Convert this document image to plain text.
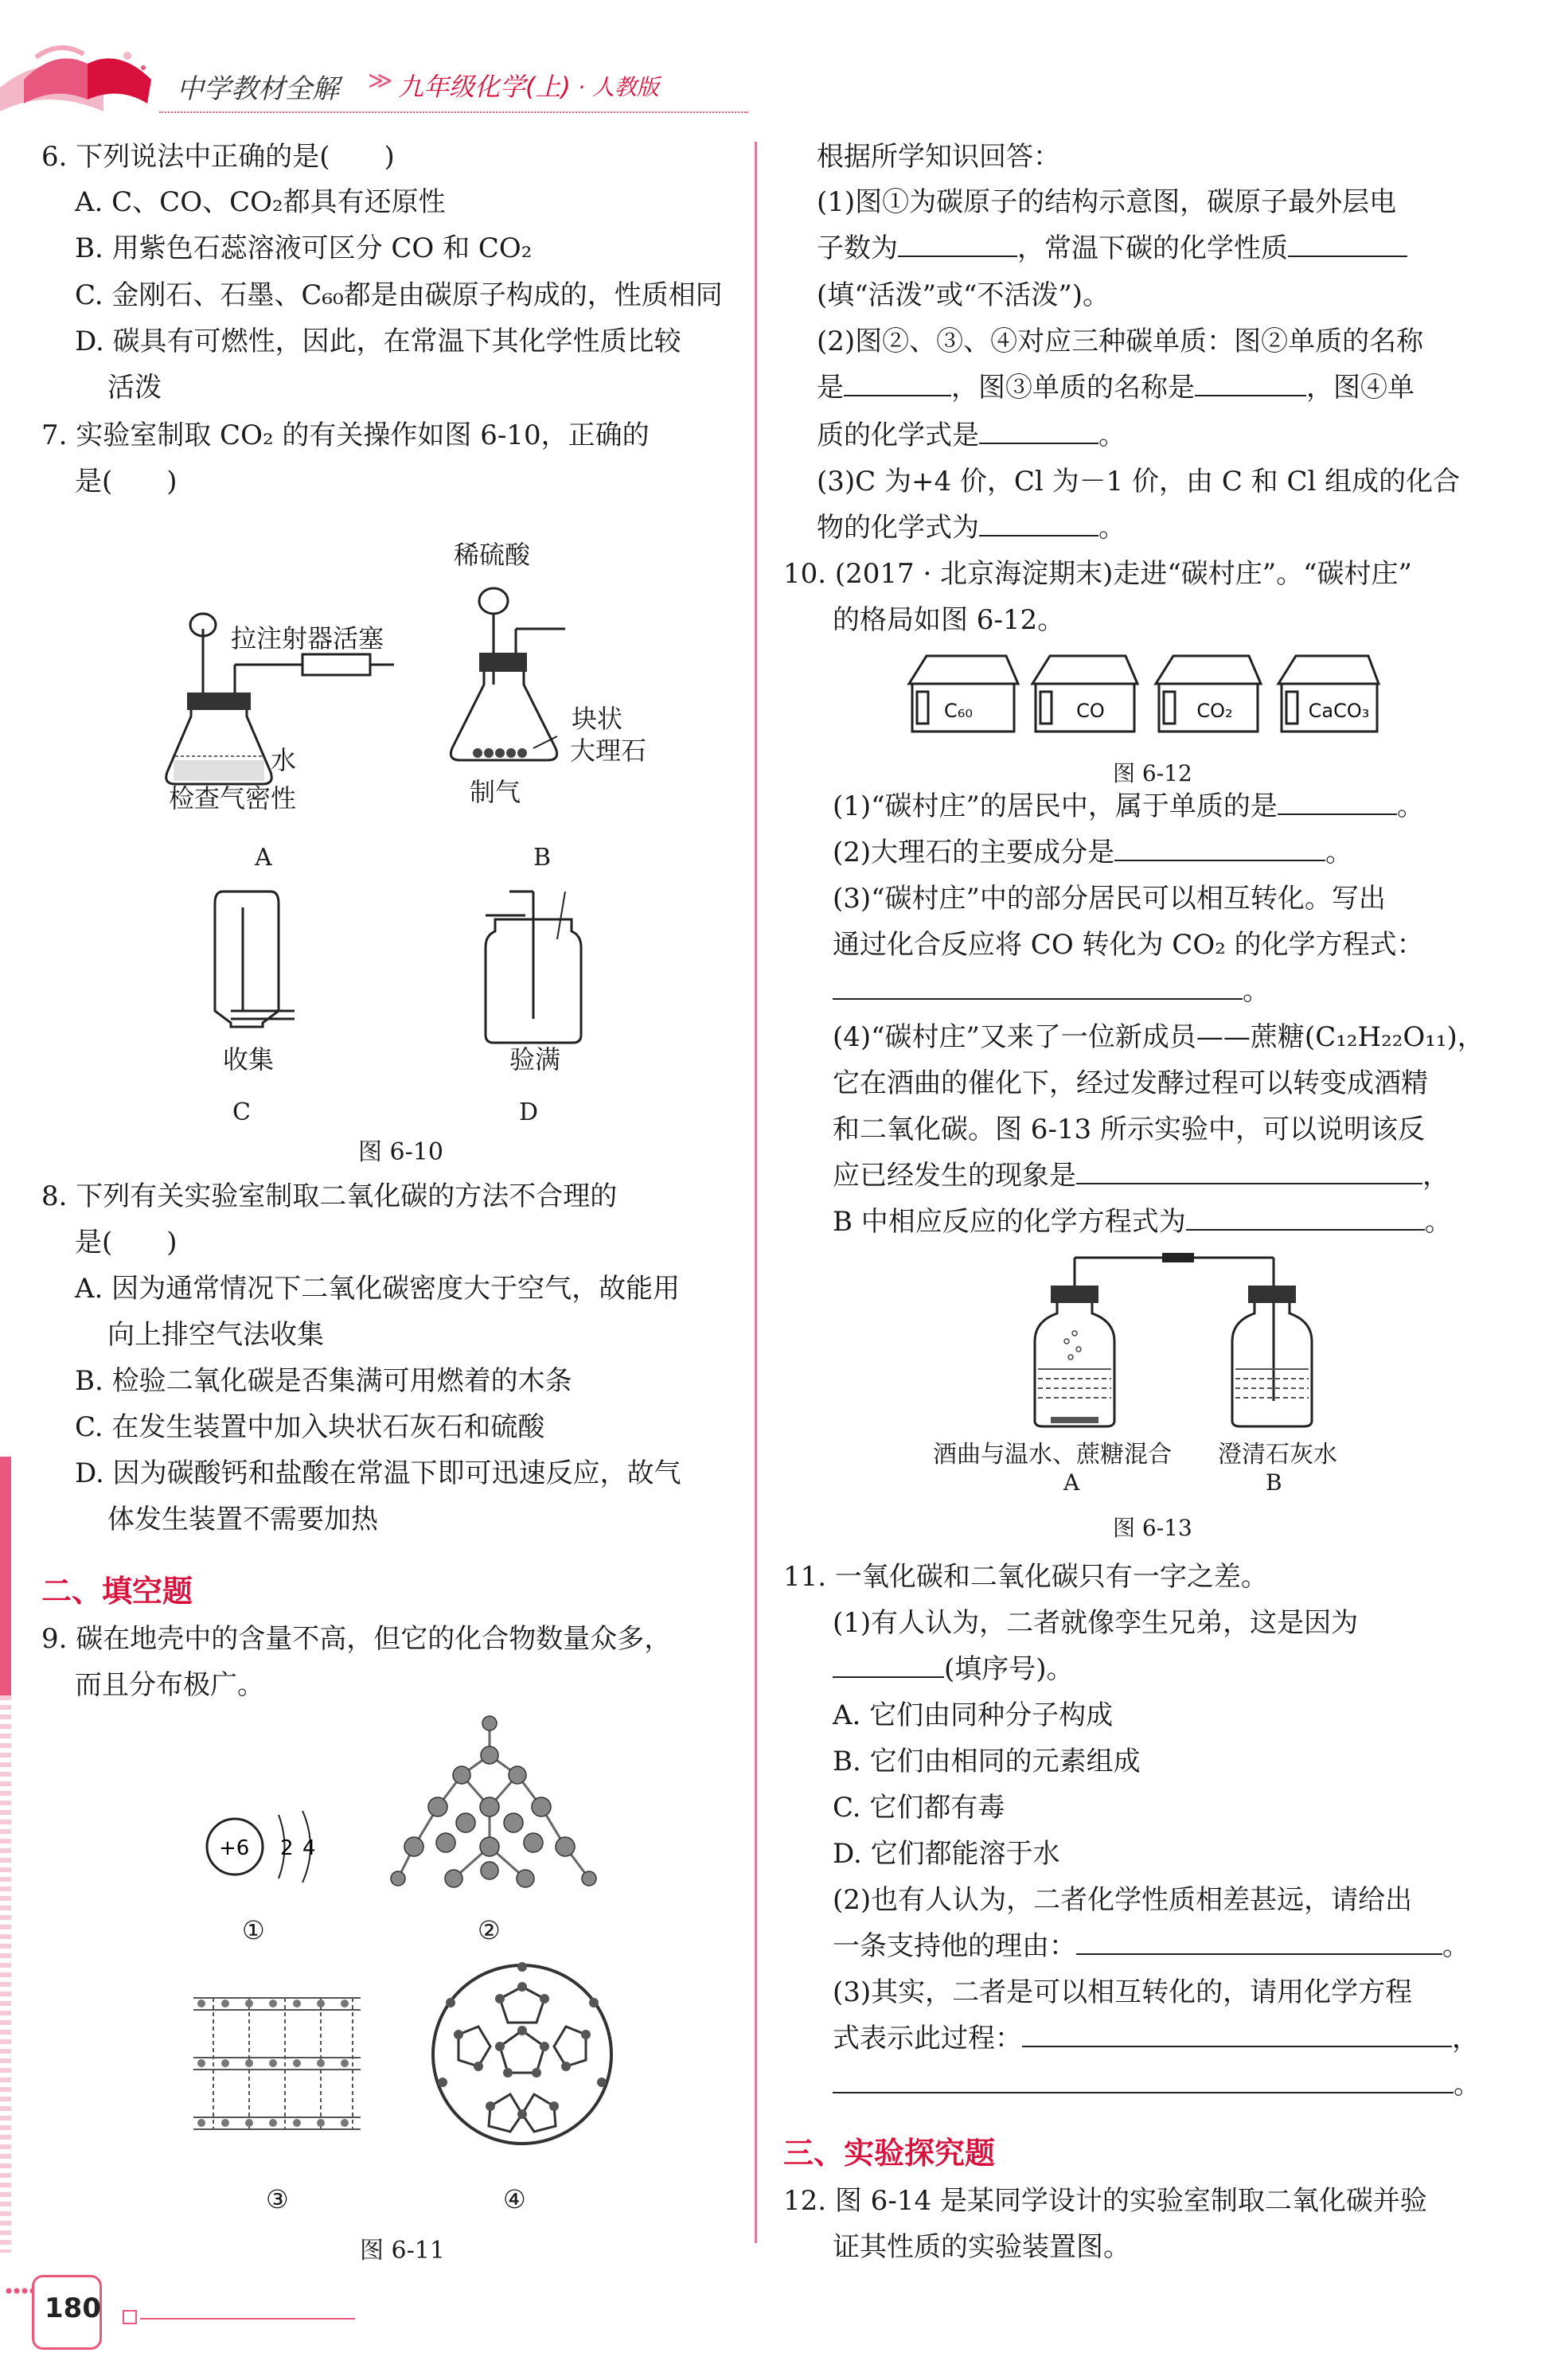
中学教材全解 ≫ 九年级化学(上) · 人教版
6. 下列说法中正确的是(　　)
A. C、CO、CO₂都具有还原性
B. 用紫色石蕊溶液可区分 CO 和 CO₂
C. 金刚石、石墨、C₆₀都是由碳原子构成的，性质相同
D. 碳具有可燃性，因此，在常温下其化学性质比较
活泼
7. 实验室制取 CO₂ 的有关操作如图 6-10，正确的
是(　　)
拉注射器活塞
水
检查气密性
A
稀硫酸
块状
大理石
制气
B
收集
C
验满
D
图 6-10
8. 下列有关实验室制取二氧化碳的方法不合理的
是(　　)
A. 因为通常情况下二氧化碳密度大于空气，故能用
向上排空气法收集
B. 检验二氧化碳是否集满可用燃着的木条
C. 在发生装置中加入块状石灰石和硫酸
D. 因为碳酸钙和盐酸在常温下即可迅速反应，故气
体发生装置不需要加热
二、填空题
9. 碳在地壳中的含量不高，但它的化合物数量众多，
而且分布极广。
+6 2 4
①	②
③	④
图 6-11
根据所学知识回答：
(1)图①为碳原子的结构示意图，碳原子最外层电
子数为	，常温下碳的化学性质
(填“活泼”或“不活泼”)。
(2)图②、③、④对应三种碳单质：图②单质的名称
是	，图③单质的名称是	，图④单
质的化学式是	。
(3)C 为+4 价，Cl 为－1 价，由 C 和 Cl 组成的化合
物的化学式为	。
10. (2017 · 北京海淀期末)走进“碳村庄”。“碳村庄”
的格局如图 6-12。
C₆₀	CO	CO₂	CaCO₃
图 6-12
(1)“碳村庄”的居民中，属于单质的是	。
(2)大理石的主要成分是	。
(3)“碳村庄”中的部分居民可以相互转化。写出
通过化合反应将 CO 转化为 CO₂ 的化学方程式：
。
(4)“碳村庄”又来了一位新成员——蔗糖(C₁₂H₂₂O₁₁)，
它在酒曲的催化下，经过发酵过程可以转变成酒精
和二氧化碳。图 6-13 所示实验中，可以说明该反
应已经发生的现象是	，
B 中相应反应的化学方程式为	。
酒曲与温水、蔗糖混合 澄清石灰水
A	B
图 6-13
11. 一氧化碳和二氧化碳只有一字之差。
(1)有人认为，二者就像孪生兄弟，这是因为
(填序号)。
A. 它们由同种分子构成
B. 它们由相同的元素组成
C. 它们都有毒
D. 它们都能溶于水
(2)也有人认为，二者化学性质相差甚远，请给出
一条支持他的理由：	。
(3)其实，二者是可以相互转化的，请用化学方程
式表示此过程：	，
。
三、实验探究题
12. 图 6-14 是某同学设计的实验室制取二氧化碳并验
证其性质的实验装置图。
180
